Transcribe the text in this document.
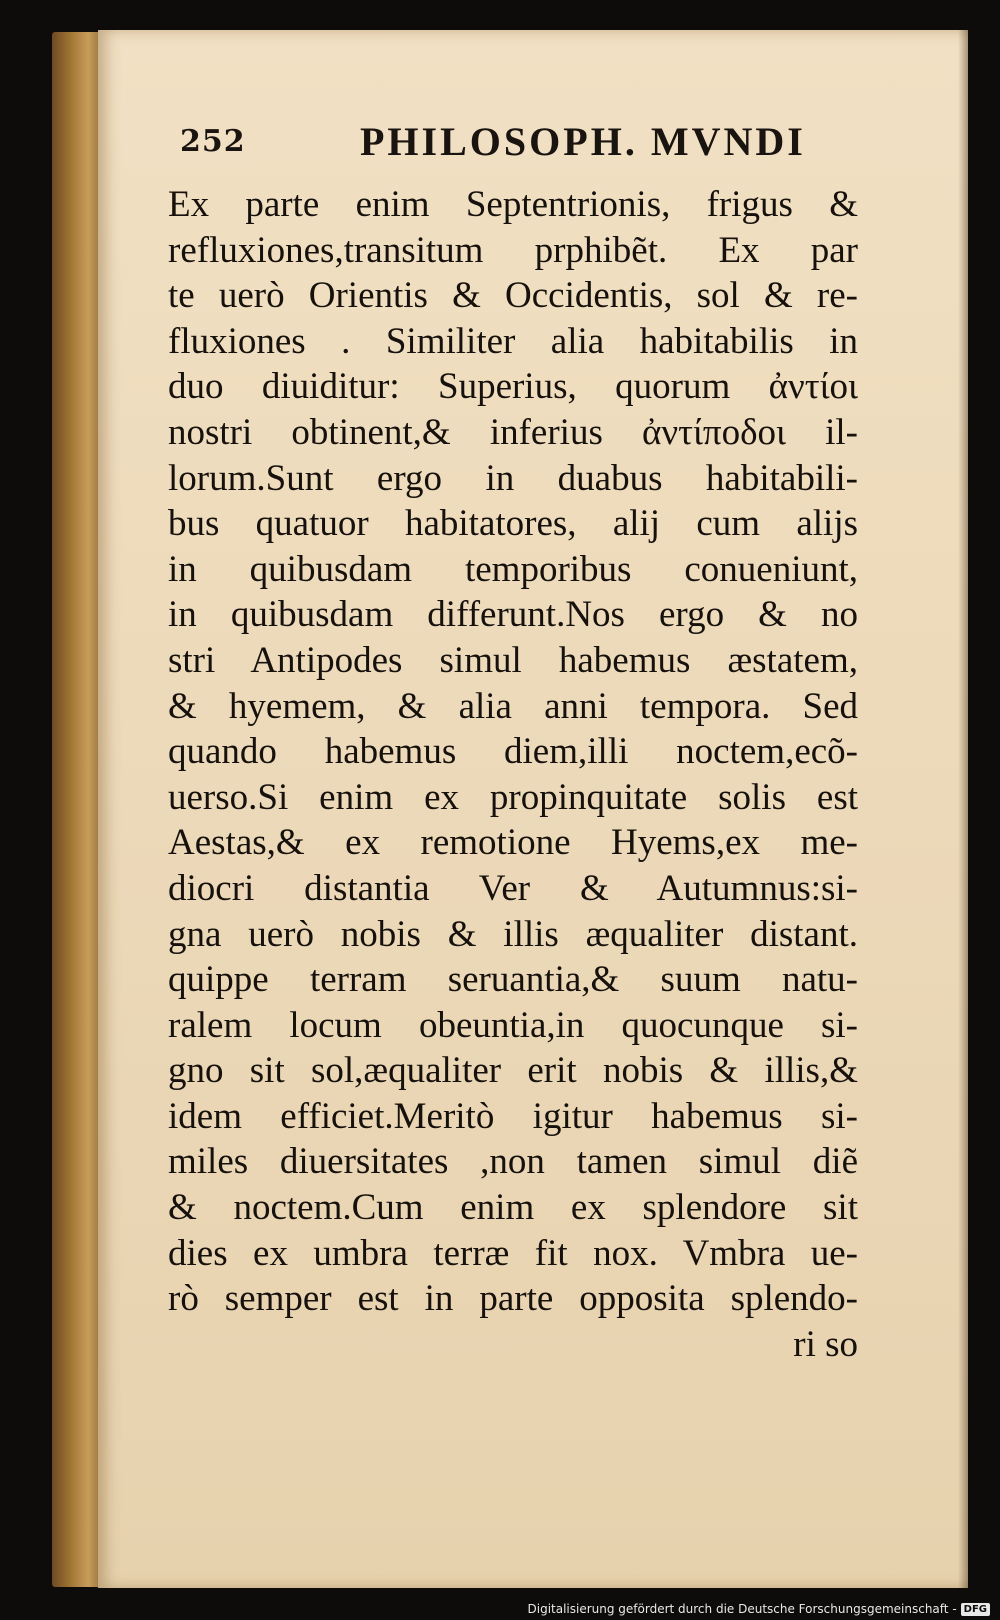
252	PHILOSOPH. MVNDI
Ex parte enim Septentrionis, frigus &
refluxiones,transitum prphibẽt. Ex par
te uerò Orientis & Occidentis, sol & re-
fluxiones . Similiter alia habitabilis in
duo diuiditur: Superius, quorum ἀντίοι
nostri obtinent,& inferius ἀντίποδοι il-
lorum.Sunt ergo in duabus habitabili-
bus quatuor habitatores, alij cum alijs
in quibusdam temporibus conueniunt,
in quibusdam differunt.Nos ergo & no
stri Antipodes simul habemus æstatem,
& hyemem, & alia anni tempora. Sed
quando habemus diem,illi noctem,ecõ-
uerso.Si enim ex propinquitate solis est
Aestas,& ex remotione Hyems,ex me-
diocri distantia Ver & Autumnus:si-
gna uerò nobis & illis æqualiter distant.
quippe terram seruantia,& suum natu-
ralem locum obeuntia,in quocunque si-
gno sit sol,æqualiter erit nobis & illis,&
idem efficiet.Meritò igitur habemus si-
miles diuersitates ,non tamen simul diẽ
& noctem.Cum enim ex splendore sit
dies ex umbra terræ fit nox. Vmbra ue-
rò semper est in parte opposita splendo-
ri so
Digitalisierung gefördert durch die Deutsche Forschungsgemeinschaft - DFG
